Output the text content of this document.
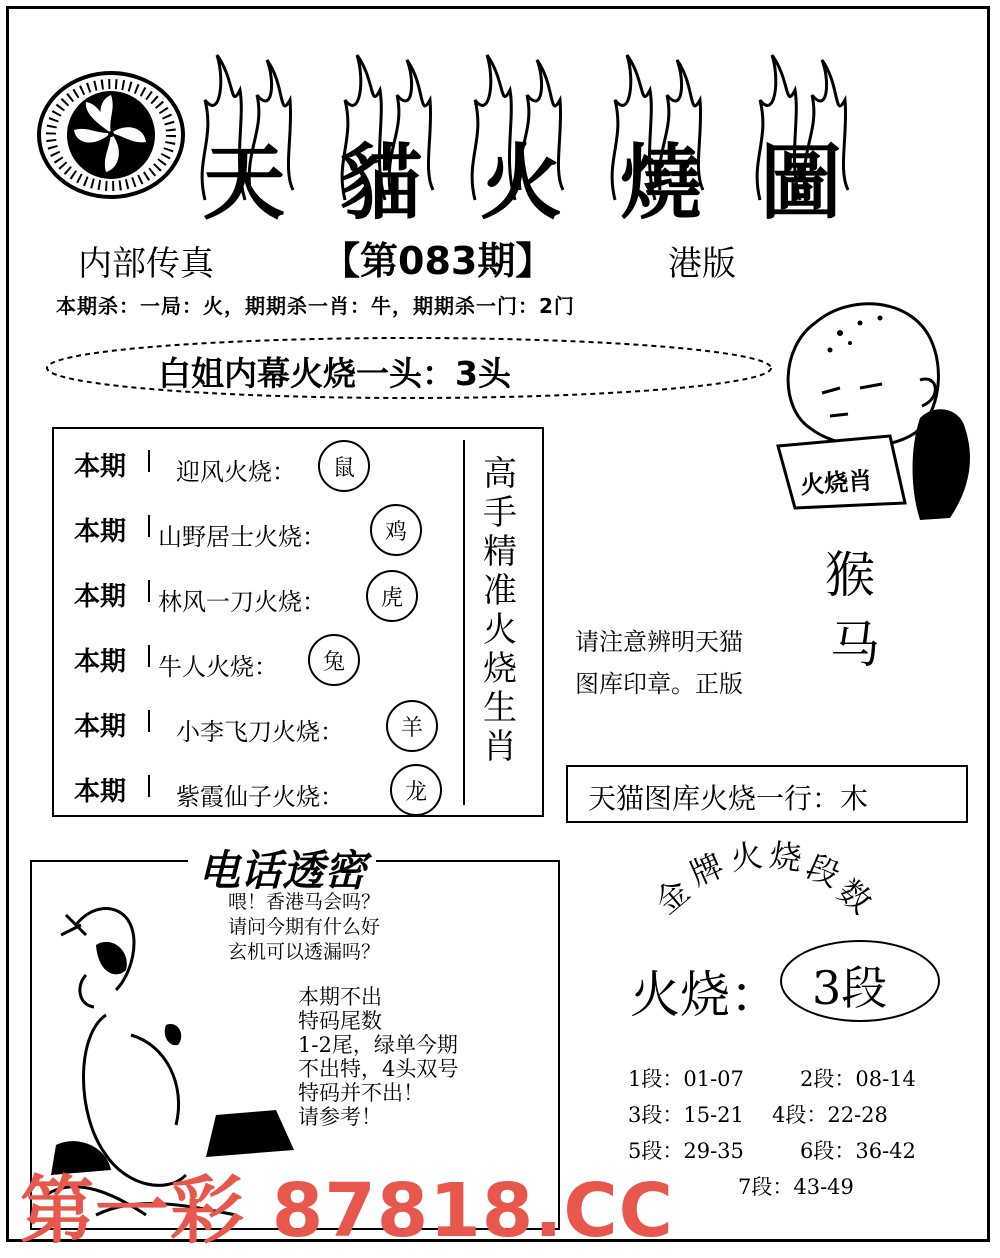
天 貓 火 燒 圖
内部传真	【第083期】	港版
本期杀：一局：火，期期杀一肖：牛，期期杀一门：2门
白姐内幕火烧一头：3头
本期 迎风火烧：	鼠
本期 山野居士火烧：	鸡
本期 林风一刀火烧：	虎
本期 牛人火烧：	兔
本期 小李飞刀火烧：	羊
本期 紫霞仙子火烧：	龙
高
手
精
准
火
烧
生
肖
火烧肖
猴
马
请注意辨明天猫
图库印章。正版
天猫图库火烧一行：木
电话透密
喂！香港马会吗？
请问今期有什么好
玄机可以透漏吗？
本期不出
特码尾数
1-2尾，绿单今期
不出特，4头双号
特码并不出！
请参考！
金
牌
火 烧
段
数
火烧： 3段
1段：01-07	2段：08-14
3段：15-21 4段：22-28
5段：29-35	6段：36-42
7段：43-49
第一彩 87818.CC
